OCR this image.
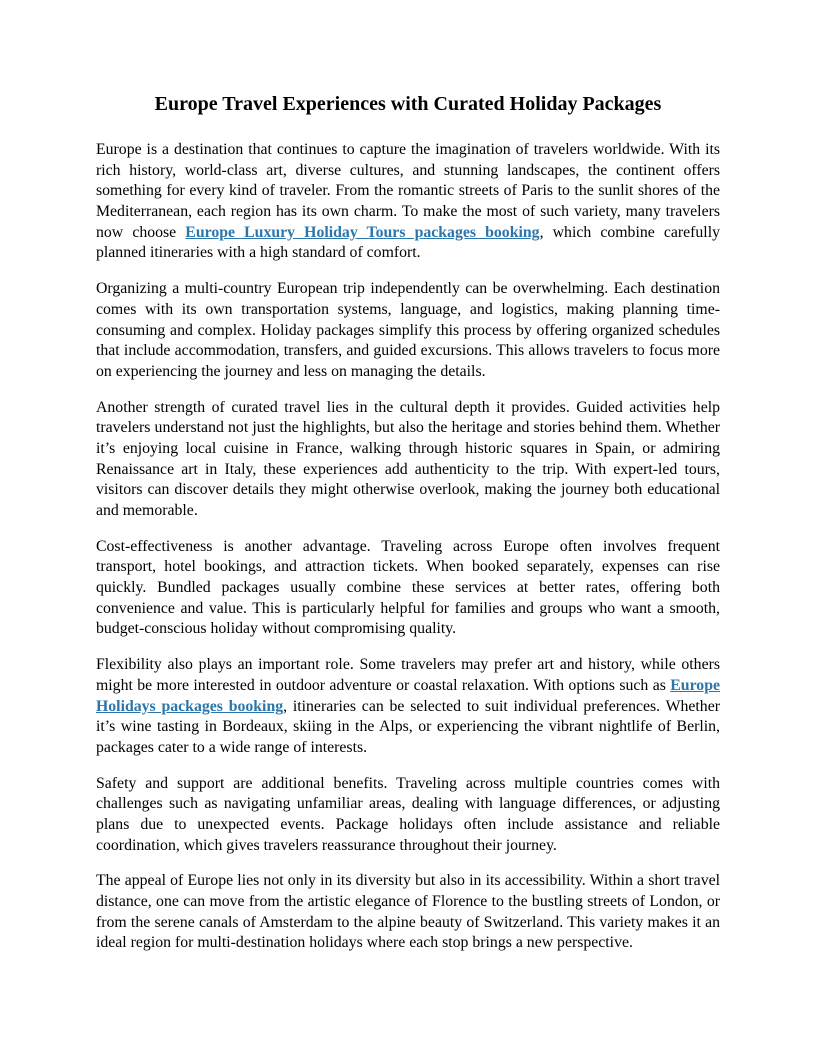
Europe Travel Experiences with Curated Holiday Packages

Europe is a destination that continues to capture the imagination of travelers worldwide. With its rich history, world-class art, diverse cultures, and stunning landscapes, the continent offers something for every kind of traveler. From the romantic streets of Paris to the sunlit shores of the Mediterranean, each region has its own charm. To make the most of such variety, many travelers now choose Europe Luxury Holiday Tours packages booking, which combine carefully planned itineraries with a high standard of comfort.

Organizing a multi-country European trip independently can be overwhelming. Each destination comes with its own transportation systems, language, and logistics, making planning time-consuming and complex. Holiday packages simplify this process by offering organized schedules that include accommodation, transfers, and guided excursions. This allows travelers to focus more on experiencing the journey and less on managing the details.

Another strength of curated travel lies in the cultural depth it provides. Guided activities help travelers understand not just the highlights, but also the heritage and stories behind them. Whether it’s enjoying local cuisine in France, walking through historic squares in Spain, or admiring Renaissance art in Italy, these experiences add authenticity to the trip. With expert-led tours, visitors can discover details they might otherwise overlook, making the journey both educational and memorable.

Cost-effectiveness is another advantage. Traveling across Europe often involves frequent transport, hotel bookings, and attraction tickets. When booked separately, expenses can rise quickly. Bundled packages usually combine these services at better rates, offering both convenience and value. This is particularly helpful for families and groups who want a smooth, budget-conscious holiday without compromising quality.

Flexibility also plays an important role. Some travelers may prefer art and history, while others might be more interested in outdoor adventure or coastal relaxation. With options such as Europe Holidays packages booking, itineraries can be selected to suit individual preferences. Whether it’s wine tasting in Bordeaux, skiing in the Alps, or experiencing the vibrant nightlife of Berlin, packages cater to a wide range of interests.

Safety and support are additional benefits. Traveling across multiple countries comes with challenges such as navigating unfamiliar areas, dealing with language differences, or adjusting plans due to unexpected events. Package holidays often include assistance and reliable coordination, which gives travelers reassurance throughout their journey.

The appeal of Europe lies not only in its diversity but also in its accessibility. Within a short travel distance, one can move from the artistic elegance of Florence to the bustling streets of London, or from the serene canals of Amsterdam to the alpine beauty of Switzerland. This variety makes it an ideal region for multi-destination holidays where each stop brings a new perspective.
